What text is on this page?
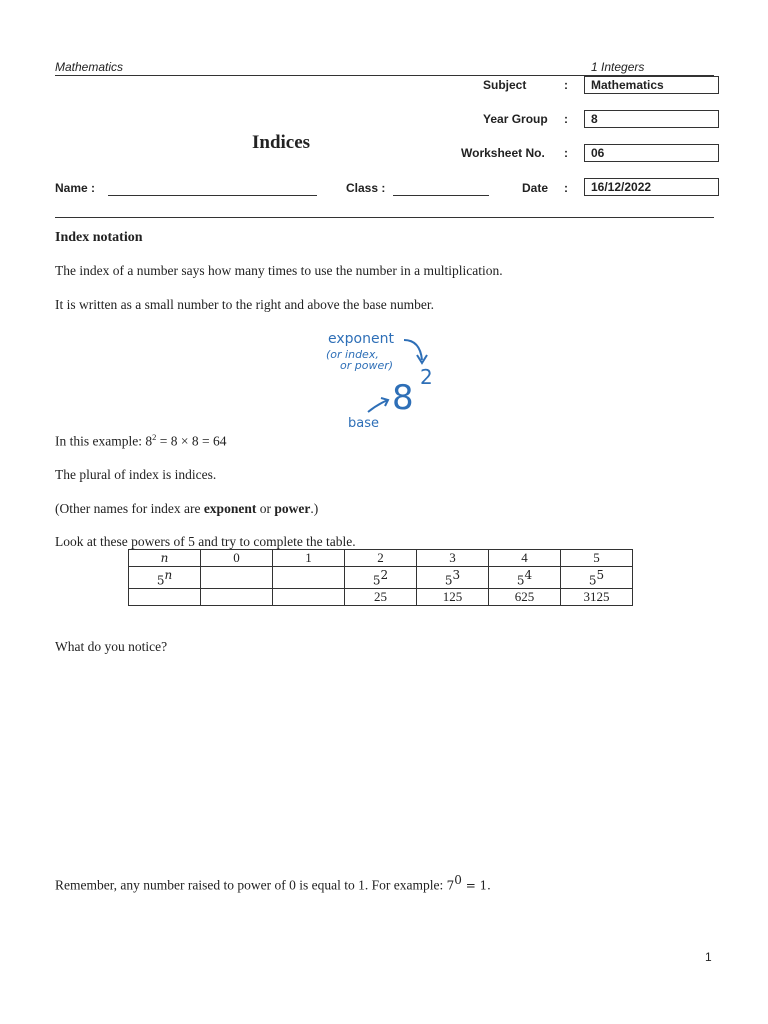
Mathematics	1 Integers
Subject	:	Mathematics
Year Group :	8
Indices	Worksheet No. :	06
Name :	Class :	Date :	16/12/2022
Index notation
The index of a number says how many times to use the number in a multiplication.
It is written as a small number to the right and above the base number.
exponent
(or index,
or power)
8
2
base
In this example: $8^2 = 8 \times 8 = 64$
The plural of index is indices.
(Other names for index are exponent or power.)
Look at these powers of 5 and try to complete the table.
n	0	1	2	3	4	5
5$^n$			$5^2$	$5^3$	$5^4$	$5^5$
			25	125	625	3125
What do you notice?
Remember, any number raised to power of 0 is equal to 1. For example: $7^0 = 1$.
1
